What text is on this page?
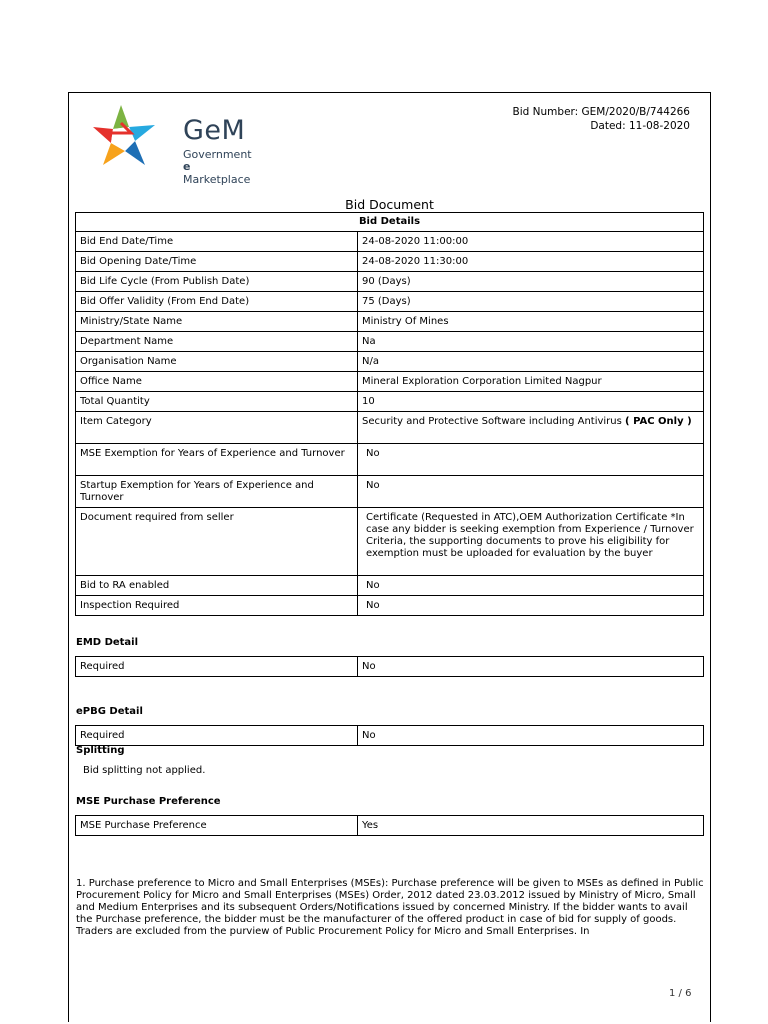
GeM
Government
e Marketplace
Bid Number: GEM/2020/B/744266
Dated: 11-08-2020
Bid Document
Bid Details	
Bid End Date/Time	24-08-2020 11:00:00
Bid Opening Date/Time	24-08-2020 11:30:00
Bid Life Cycle (From Publish Date)	90 (Days)
Bid Offer Validity (From End Date)	75 (Days)
Ministry/State Name	Ministry Of Mines
Department Name	Na
Organisation Name	N/a
Office Name	Mineral Exploration Corporation Limited Nagpur
Total Quantity	10
Item Category	Security and Protective Software including Antivirus ( PAC Only )
MSE Exemption for Years of Experience and Turnover	No
Startup Exemption for Years of Experience and Turnover	No
Document required from seller	Certificate (Requested in ATC),OEM Authorization Certificate *In case any bidder is seeking exemption from Experience / Turnover Criteria, the supporting documents to prove his eligibility for exemption must be uploaded for evaluation by the buyer
Bid to RA enabled	No
Inspection Required	No
EMD Detail
Required	No
ePBG Detail
Required	No
Splitting
Bid splitting not applied.
MSE Purchase Preference
MSE Purchase Preference	Yes
1. Purchase preference to Micro and Small Enterprises (MSEs): Purchase preference will be given to MSEs as defined in Public Procurement Policy for Micro and Small Enterprises (MSEs) Order, 2012 dated 23.03.2012 issued by Ministry of Micro, Small and Medium Enterprises and its subsequent Orders/Notifications issued by concerned Ministry. If the bidder wants to avail the Purchase preference, the bidder must be the manufacturer of the offered product in case of bid for supply of goods. Traders are excluded from the purview of Public Procurement Policy for Micro and Small Enterprises. In
1 / 6
